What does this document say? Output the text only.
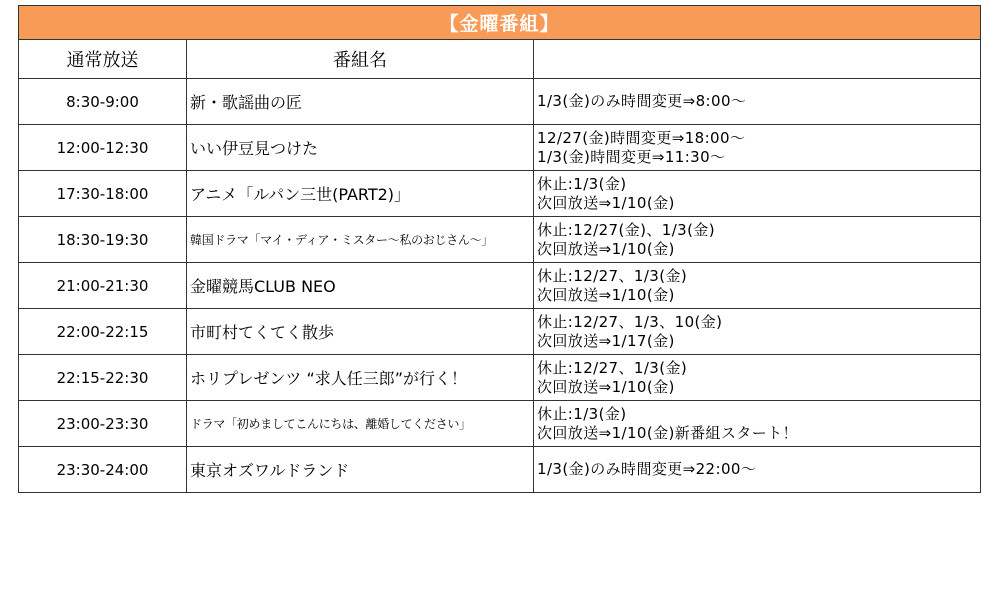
【金曜番組】		
通常放送	番組名	
8:30-9:00	新・歌謡曲の匠	1/3(金)のみ時間変更⇒8:00～

12:00-12:30	いい伊豆見つけた	12/27(金)時間変更⇒18:00～
1/3(金)時間変更⇒11:30～

17:30-18:00	アニメ「ルパン三世(PART2)」	休止:1/3(金)
次回放送⇒1/10(金)

18:30-19:30	韓国ドラマ「マイ・ディア・ミスター～私のおじさん～」	休止:12/27(金)、1/3(金)
次回放送⇒1/10(金)

21:00-21:30	金曜競馬CLUB NEO	休止:12/27、1/3(金)
次回放送⇒1/10(金)

22:00-22:15	市町村てくてく散歩	休止:12/27、1/3、10(金)
次回放送⇒1/17(金)

22:15-22:30	ホリプレゼンツ “求人任三郎”が行く！	休止:12/27、1/3(金)
次回放送⇒1/10(金)

23:00-23:30	ドラマ「初めましてこんにちは、離婚してください」	休止:1/3(金)
次回放送⇒1/10(金)新番組スタート！

23:30-24:00	東京オズワルドランド	1/3(金)のみ時間変更⇒22:00～
